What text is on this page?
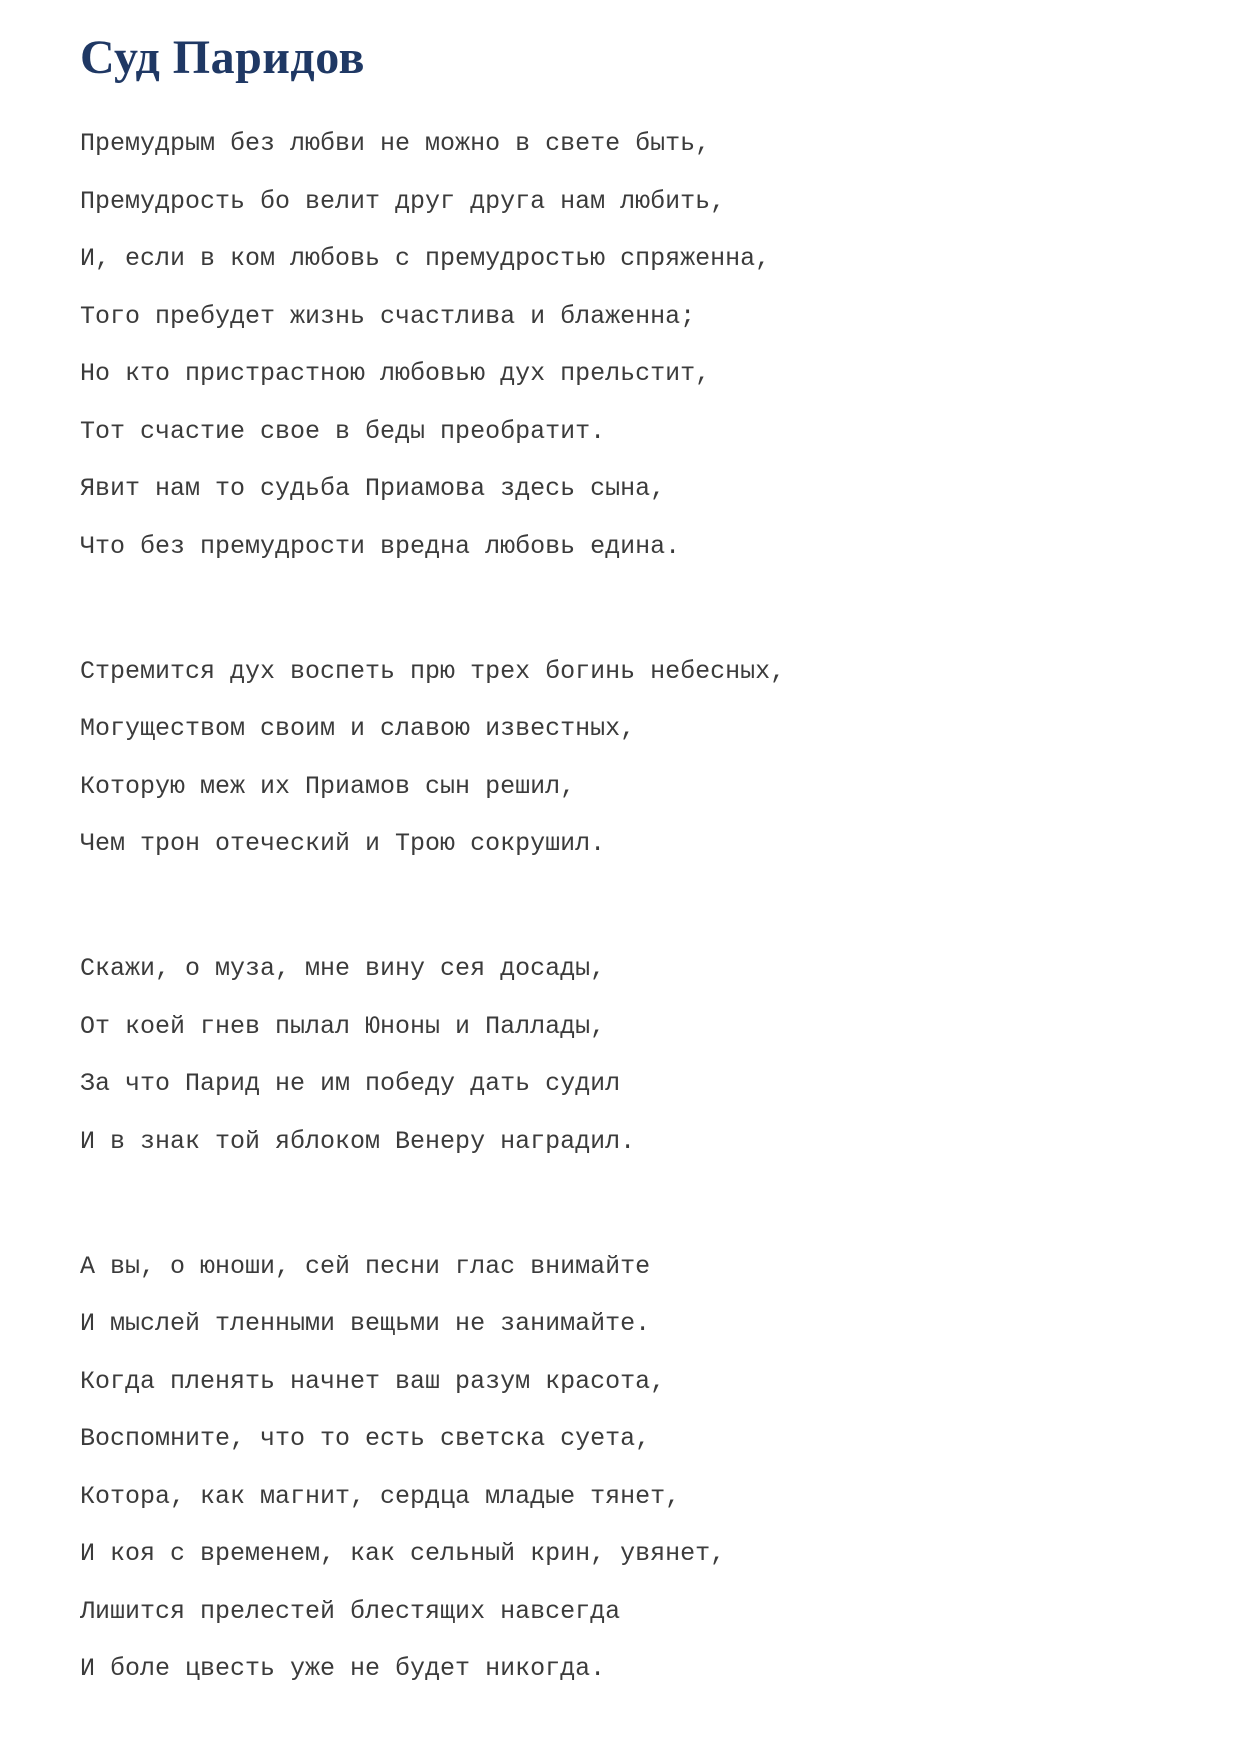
Суд Паридов

Премудрым без любви не можно в свете быть,

Премудрость бо велит друг друга нам любить,

И, если в ком любовь с премудростью спряженна,

Того пребудет жизнь счастлива и блаженна;

Но кто пристрастною любовью дух прельстит,

Тот счастие свое в беды преобратит.

Явит нам то судьба Приамова здесь сына,

Что без премудрости вредна любовь едина.

Стремится дух воспеть прю трех богинь небесных,

Могуществом своим и славою известных,

Которую меж их Приамов сын решил,

Чем трон отеческий и Трою сокрушил.

Скажи, о муза, мне вину сея досады,

От коей гнев пылал Юноны и Паллады,

За что Парид не им победу дать судил

И в знак той яблоком Венеру наградил.

А вы, о юноши, сей песни глас внимайте

И мыслей тленными вещьми не занимайте.

Когда пленять начнет ваш разум красота,

Воспомните, что то есть светска суета,

Котора, как магнит, сердца младые тянет,

И коя с временем, как сельный крин, увянет,

Лишится прелестей блестящих навсегда

И боле цвесть уже не будет никогда.
